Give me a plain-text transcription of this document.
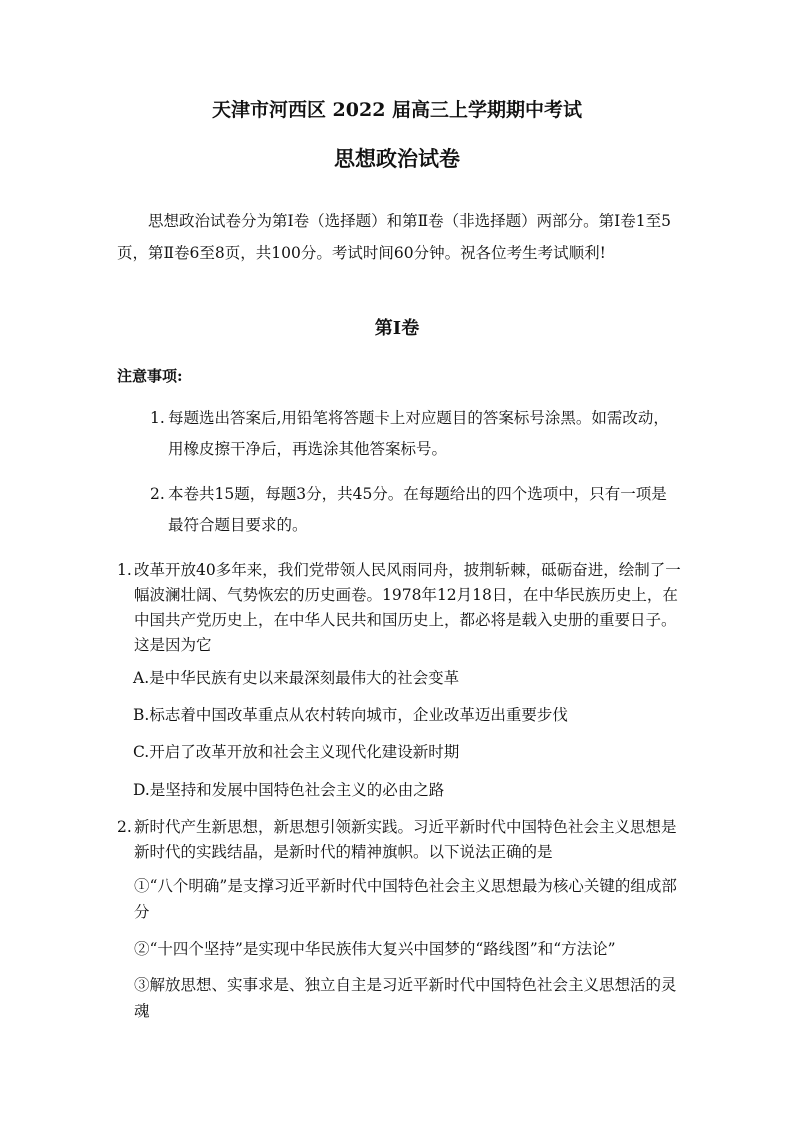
天津市河西区 2022 届高三上学期期中考试
思想政治试卷
思想政治试卷分为第Ⅰ卷（选择题）和第Ⅱ卷（非选择题）两部分。第Ⅰ卷1至5页，第Ⅱ卷6至8页，共100分。考试时间60分钟。祝各位考生考试顺利!
第Ⅰ卷
注意事项:
1. 每题选出答案后,用铅笔将答题卡上对应题目的答案标号涂黑。如需改动，用橡皮擦干净后，再选涂其他答案标号。
2. 本卷共15题，每题3分，共45分。在每题给出的四个选项中，只有一项是最符合题目要求的。
1. 改革开放40多年来，我们党带领人民风雨同舟，披荆斩棘，砥砺奋进，绘制了一幅波澜壮阔、气势恢宏的历史画卷。1978年12月18日，在中华民族历史上，在中国共产党历史上，在中华人民共和国历史上，都必将是载入史册的重要日子。这是因为它
A.是中华民族有史以来最深刻最伟大的社会变革
B.标志着中国改革重点从农村转向城市，企业改革迈出重要步伐
C.开启了改革开放和社会主义现代化建设新时期
D.是坚持和发展中国特色社会主义的必由之路
2. 新时代产生新思想，新思想引领新实践。习近平新时代中国特色社会主义思想是新时代的实践结晶，是新时代的精神旗帜。以下说法正确的是
①“八个明确”是支撑习近平新时代中国特色社会主义思想最为核心关键的组成部分
②“十四个坚持”是实现中华民族伟大复兴中国梦的“路线图”和“方法论”
③解放思想、实事求是、独立自主是习近平新时代中国特色社会主义思想活的灵魂
